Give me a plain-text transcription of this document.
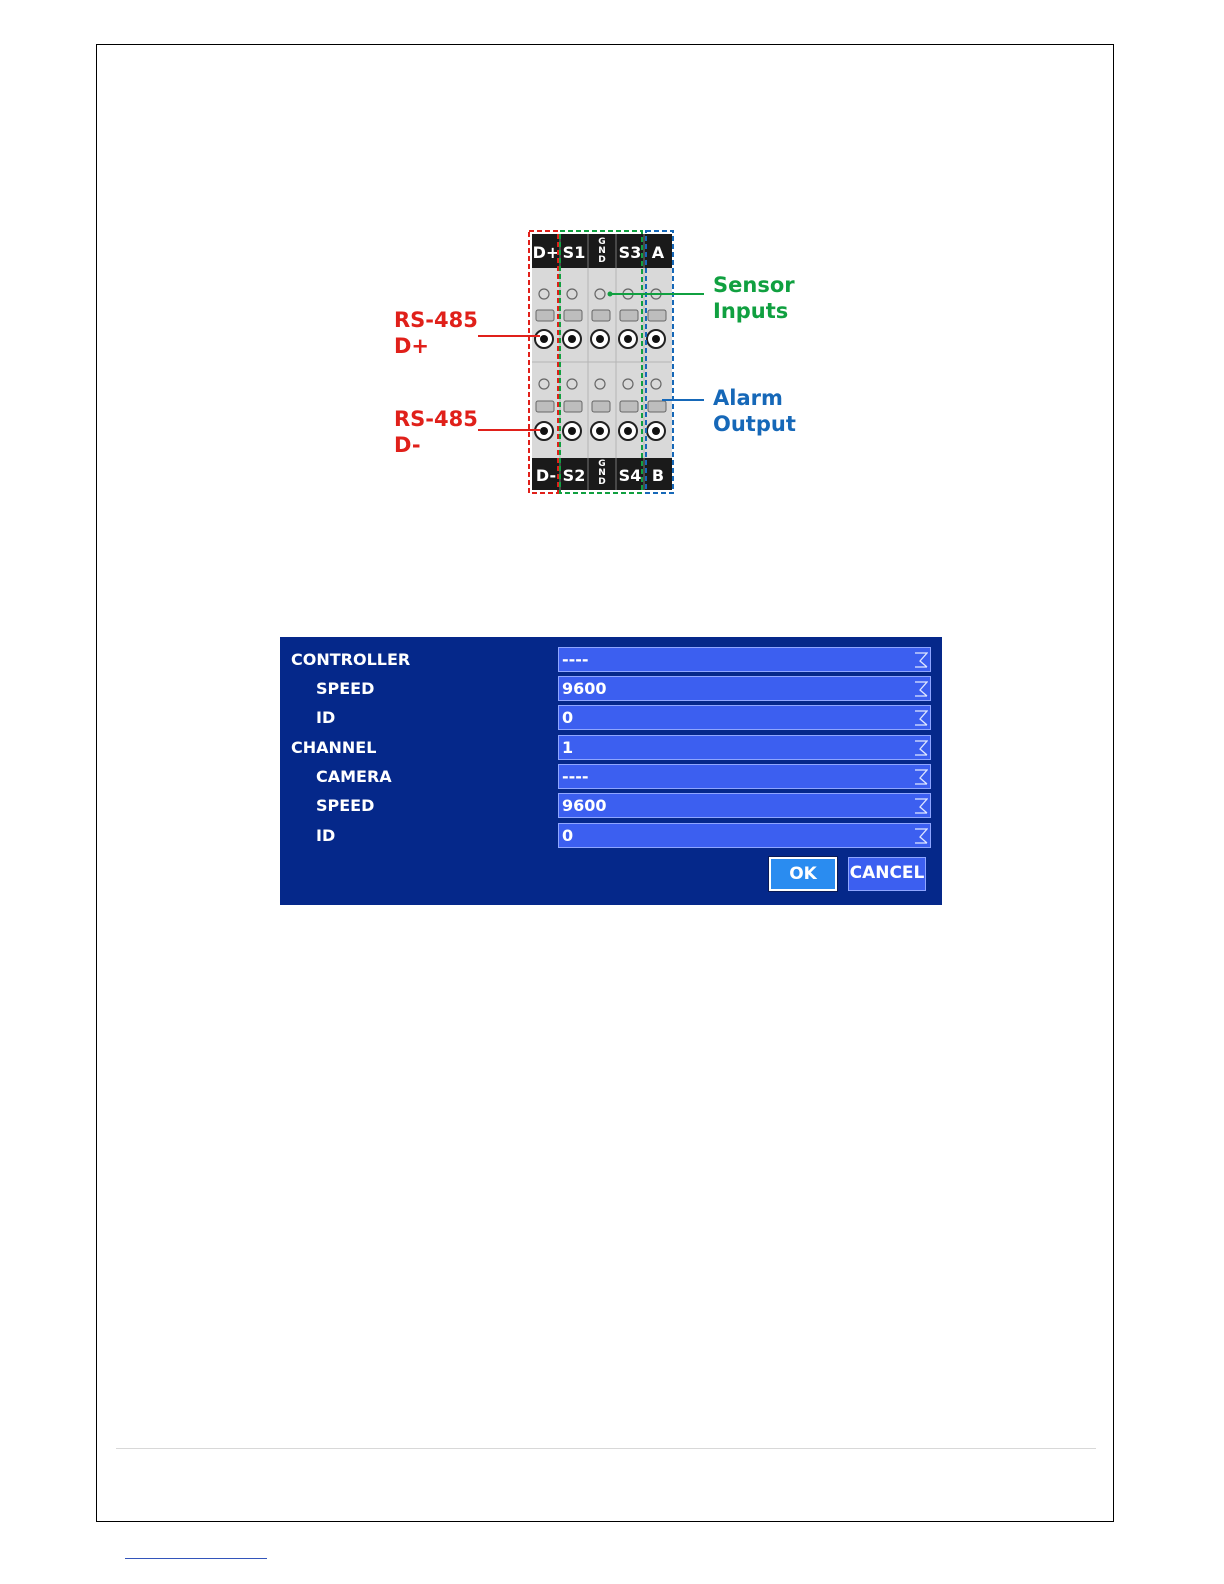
D+ S1
G N D S3 A
D- S2
G N D S4 B
RS-485
D+
RS-485
D-
Sensor
Inputs
Alarm
Output
CONTROLLER	----
SPEED	9600
ID	0
CHANNEL	1
CAMERA	----
SPEED	9600
ID	0
OK	CANCEL
